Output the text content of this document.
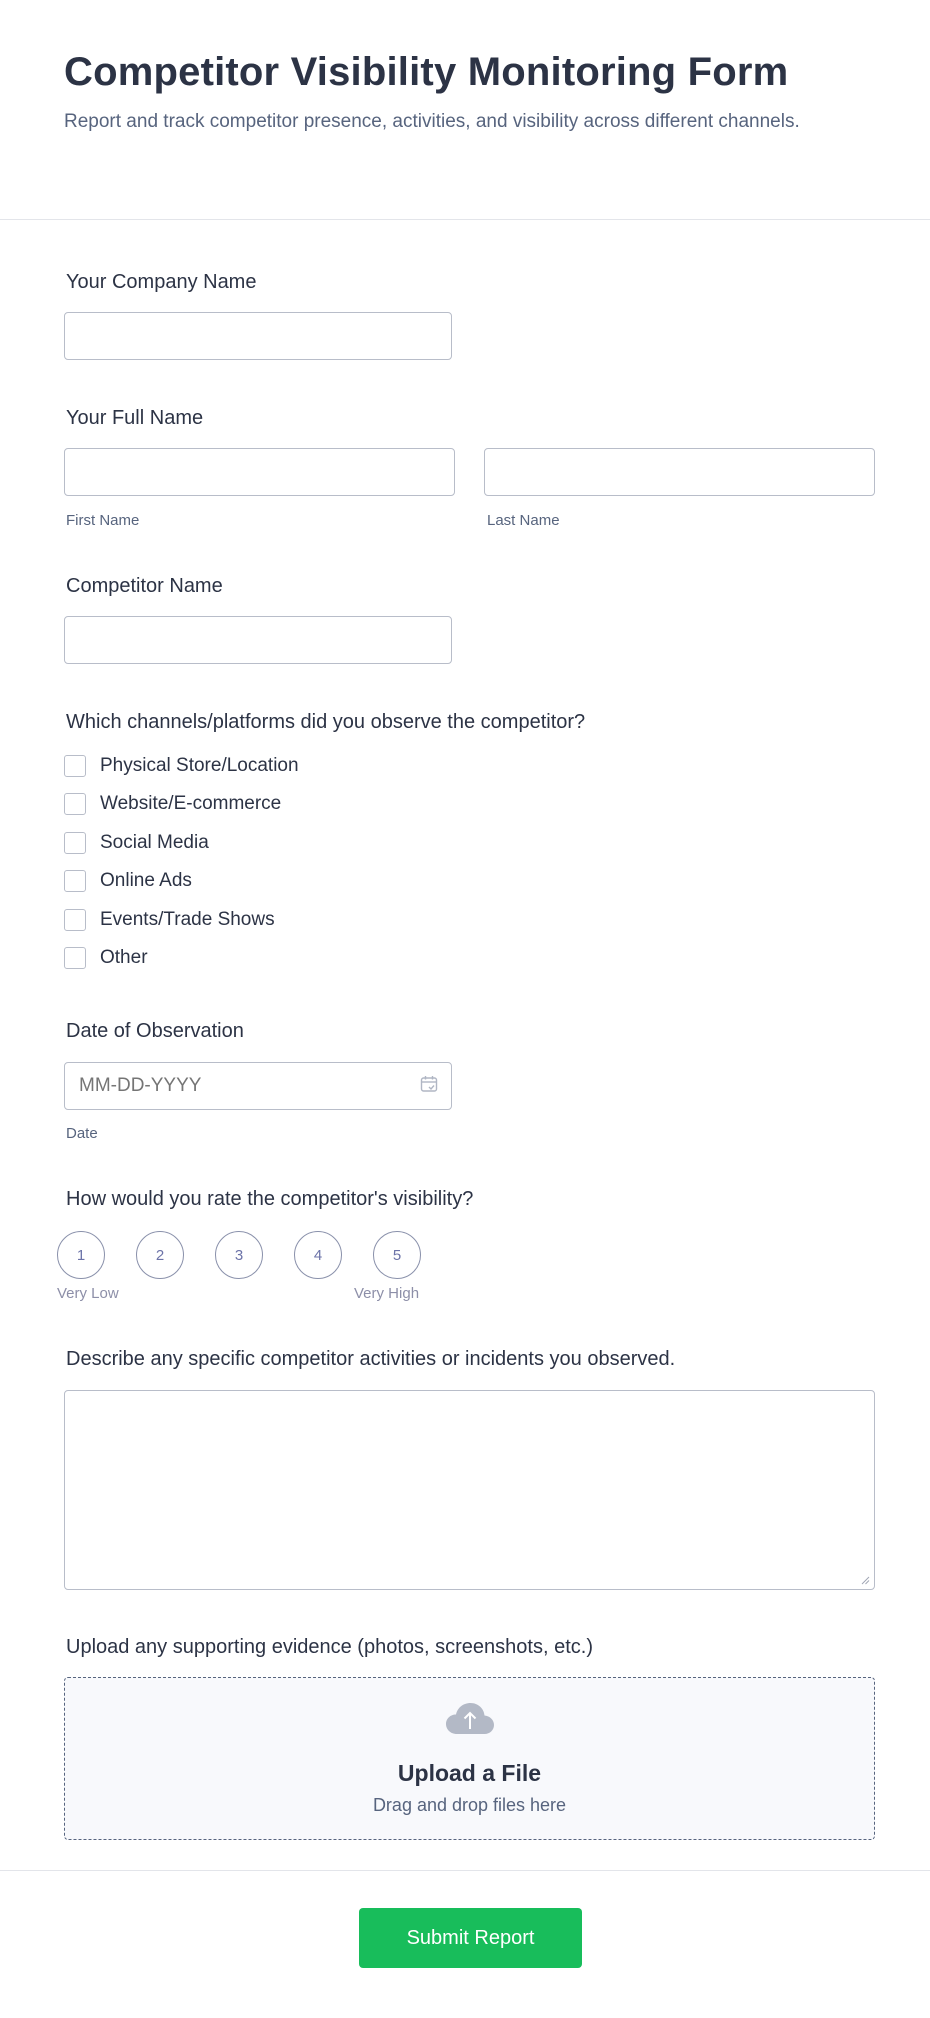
Competitor Visibility Monitoring Form
Report and track competitor presence, activities, and visibility across different channels.
Your Company Name
Your Full Name
First Name	Last Name
Competitor Name
Which channels/platforms did you observe the competitor?
Physical Store/Location
Website/E-commerce
Social Media
Online Ads
Events/Trade Shows
Other
Date of Observation
MM-DD-YYYY
Date
How would you rate the competitor's visibility?
1	2	3	4	5
Very Low	Very High
Describe any specific competitor activities or incidents you observed.
Upload any supporting evidence (photos, screenshots, etc.)
Upload a File
Drag and drop files here
Submit Report
